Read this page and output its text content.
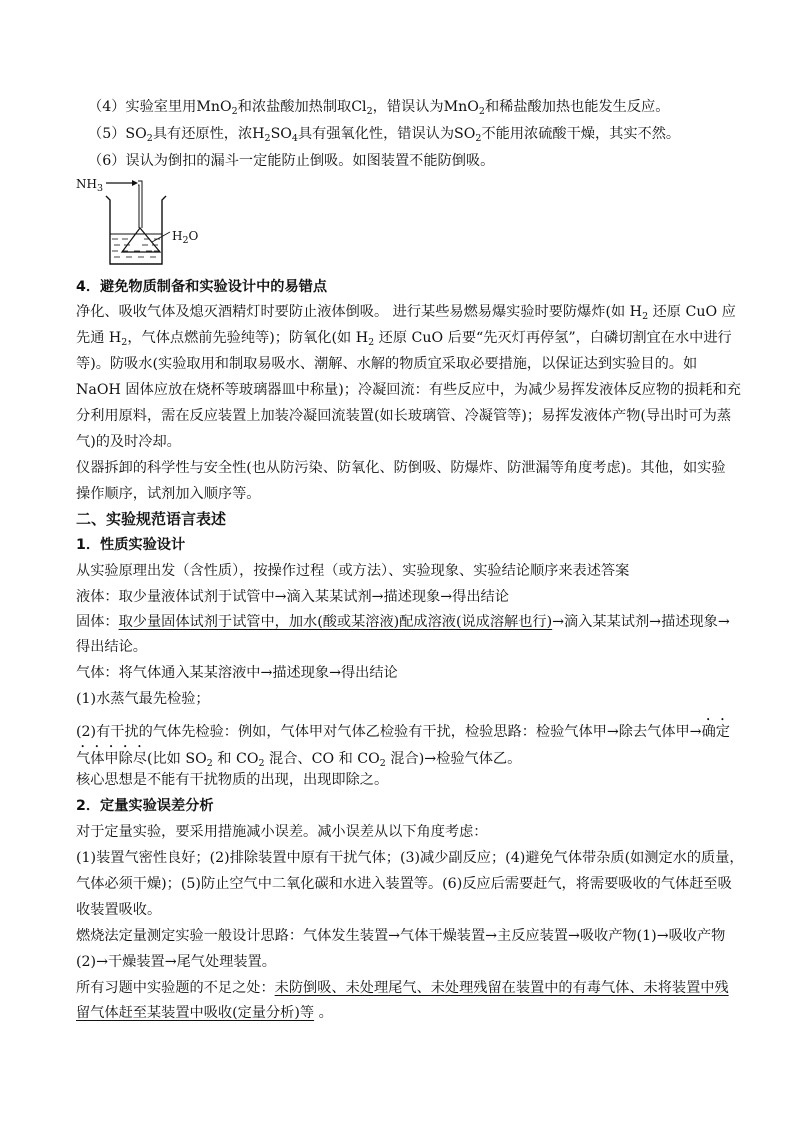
（4）实验室里用MnO$_2$和浓盐酸加热制取$Cl_2$，错误认为MnO$_2$和稀盐酸加热也能发生反应。
$(5)SO_2$具有还原性，浓$H_2SO_4$具有强氧化性，错误认为$SO_2$不能用浓硫酸干燥，其实不然。
（6）误认为倒扣的漏斗一定能防止倒吸。如图装置不能防倒吸。
$NH_3$
$H_2O$
4．避免物质制备和实验设计中的易错点
净化、吸收气体及熄灭酒精灯时要防止液体倒吸。 进行某些易燃易爆实验时要防爆炸(如 $H_2$ 还原 CuO 应
先通 $H_2$，气体点燃前先验纯等)；防氧化(如 $H_2$ 还原 CuO 后要“先灭灯再停氢”，白磷切割宜在水中进行
等)。防吸水(实验取用和制取易吸水、潮解、水解的物质宜采取必要措施，以保证达到实验目的。如
NaOH 固体应放在烧杯等玻璃器皿中称量)；冷凝回流：有些反应中，为减少易挥发液体反应物的损耗和充
分利用原料，需在反应装置上加装冷凝回流装置(如长玻璃管、冷凝管等)；易挥发液体产物(导出时可为蒸
气)的及时冷却。
仪器拆卸的科学性与安全性(也从防污染、防氧化、防倒吸、防爆炸、防泄漏等角度考虑)。其他，如实验
操作顺序，试剂加入顺序等。
二、实验规范语言表述
1．性质实验设计
从实验原理出发（含性质），按操作过程（或方法）、实验现象、实验结论顺序来表述答案
液体：取少量液体试剂于试管中→滴入某某试剂→描述现象→得出结论
固体：取少量固体试剂于试管中，加水(酸或某溶液)配成溶液(说成溶解也行)→滴入某某试剂→描述现象→
得出结论。
气体：将气体通入某某溶液中→描述现象→得出结论
(1)水蒸气最先检验；
(2)有干扰的气体先检验：例如，气体甲对气体乙检验有干扰，检验思路：检验气体甲→除去气体甲→确定
气体甲除尽(比如 $SO_2$ 和 $CO_2$ 混合、CO 和 $CO_2$ 混合)→检验气体乙。
核心思想是不能有干扰物质的出现，出现即除之。
2．定量实验误差分析
对于定量实验，要采用措施减小误差。减小误差从以下角度考虑：
(1)装置气密性良好；(2)排除装置中原有干扰气体；(3)减少副反应；(4)避免气体带杂质(如测定水的质量，
气体必须干燥)；(5)防止空气中二氧化碳和水进入装置等。(6)反应后需要赶气，将需要吸收的气体赶至吸
收装置吸收。
燃烧法定量测定实验一般设计思路：气体发生装置→气体干燥装置→主反应装置→吸收产物(1)→吸收产物
(2)→干燥装置→尾气处理装置。
所有习题中实验题的不足之处：未防倒吸、未处理尾气、未处理残留在装置中的有毒气体、未将装置中残
留气体赶至某装置中吸收(定量分析)等 。
